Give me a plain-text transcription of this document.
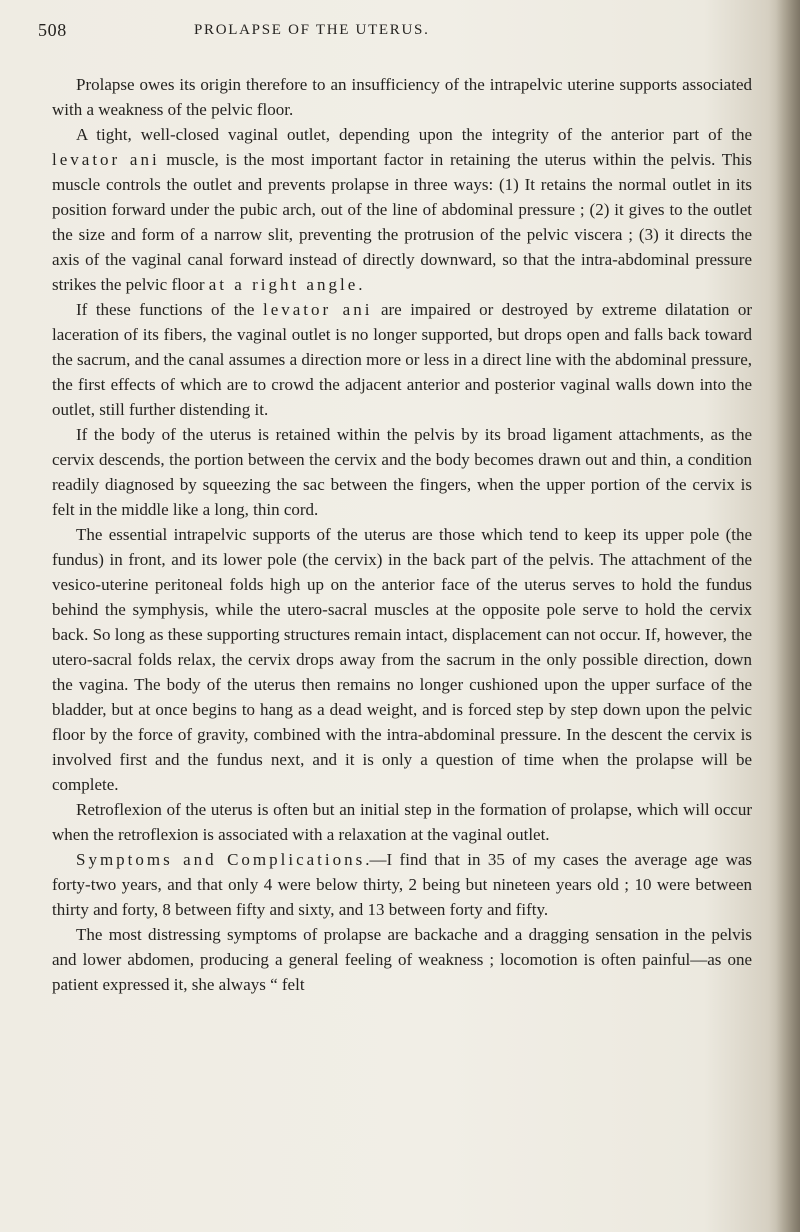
508	PROLAPSE OF THE UTERUS.

Prolapse owes its origin therefore to an insufficiency of the intrapelvic uterine supports associated with a weakness of the pelvic floor.

A tight, well-closed vaginal outlet, depending upon the integrity of the anterior part of the levator ani muscle, is the most important factor in retaining the uterus within the pelvis. This muscle controls the outlet and prevents prolapse in three ways: (1) It retains the normal outlet in its position forward under the pubic arch, out of the line of abdominal pressure ; (2) it gives to the outlet the size and form of a narrow slit, preventing the protrusion of the pelvic viscera ; (3) it directs the axis of the vaginal canal forward instead of directly downward, so that the intra-abdominal pressure strikes the pelvic floor at a right angle.

If these functions of the levator ani are impaired or destroyed by extreme dilatation or laceration of its fibers, the vaginal outlet is no longer supported, but drops open and falls back toward the sacrum, and the canal assumes a direction more or less in a direct line with the abdominal pressure, the first effects of which are to crowd the adjacent anterior and posterior vaginal walls down into the outlet, still further distending it.

If the body of the uterus is retained within the pelvis by its broad ligament attachments, as the cervix descends, the portion between the cervix and the body becomes drawn out and thin, a condition readily diagnosed by squeezing the sac between the fingers, when the upper portion of the cervix is felt in the middle like a long, thin cord.

The essential intrapelvic supports of the uterus are those which tend to keep its upper pole (the fundus) in front, and its lower pole (the cervix) in the back part of the pelvis. The attachment of the vesico-uterine peritoneal folds high up on the anterior face of the uterus serves to hold the fundus behind the symphysis, while the utero-sacral muscles at the opposite pole serve to hold the cervix back. So long as these supporting structures remain intact, displacement can not occur. If, however, the utero-sacral folds relax, the cervix drops away from the sacrum in the only possible direction, down the vagina. The body of the uterus then remains no longer cushioned upon the upper surface of the bladder, but at once begins to hang as a dead weight, and is forced step by step down upon the pelvic floor by the force of gravity, combined with the intra-abdominal pressure. In the descent the cervix is involved first and the fundus next, and it is only a question of time when the prolapse will be complete.

Retroflexion of the uterus is often but an initial step in the formation of prolapse, which will occur when the retroflexion is associated with a relaxation at the vaginal outlet.

Symptoms and Complications.—I find that in 35 of my cases the average age was forty-two years, and that only 4 were below thirty, 2 being but nineteen years old ; 10 were between thirty and forty, 8 between fifty and sixty, and 13 between forty and fifty.

The most distressing symptoms of prolapse are backache and a dragging sensation in the pelvis and lower abdomen, producing a general feeling of weakness ; locomotion is often painful—as one patient expressed it, she always “ felt
